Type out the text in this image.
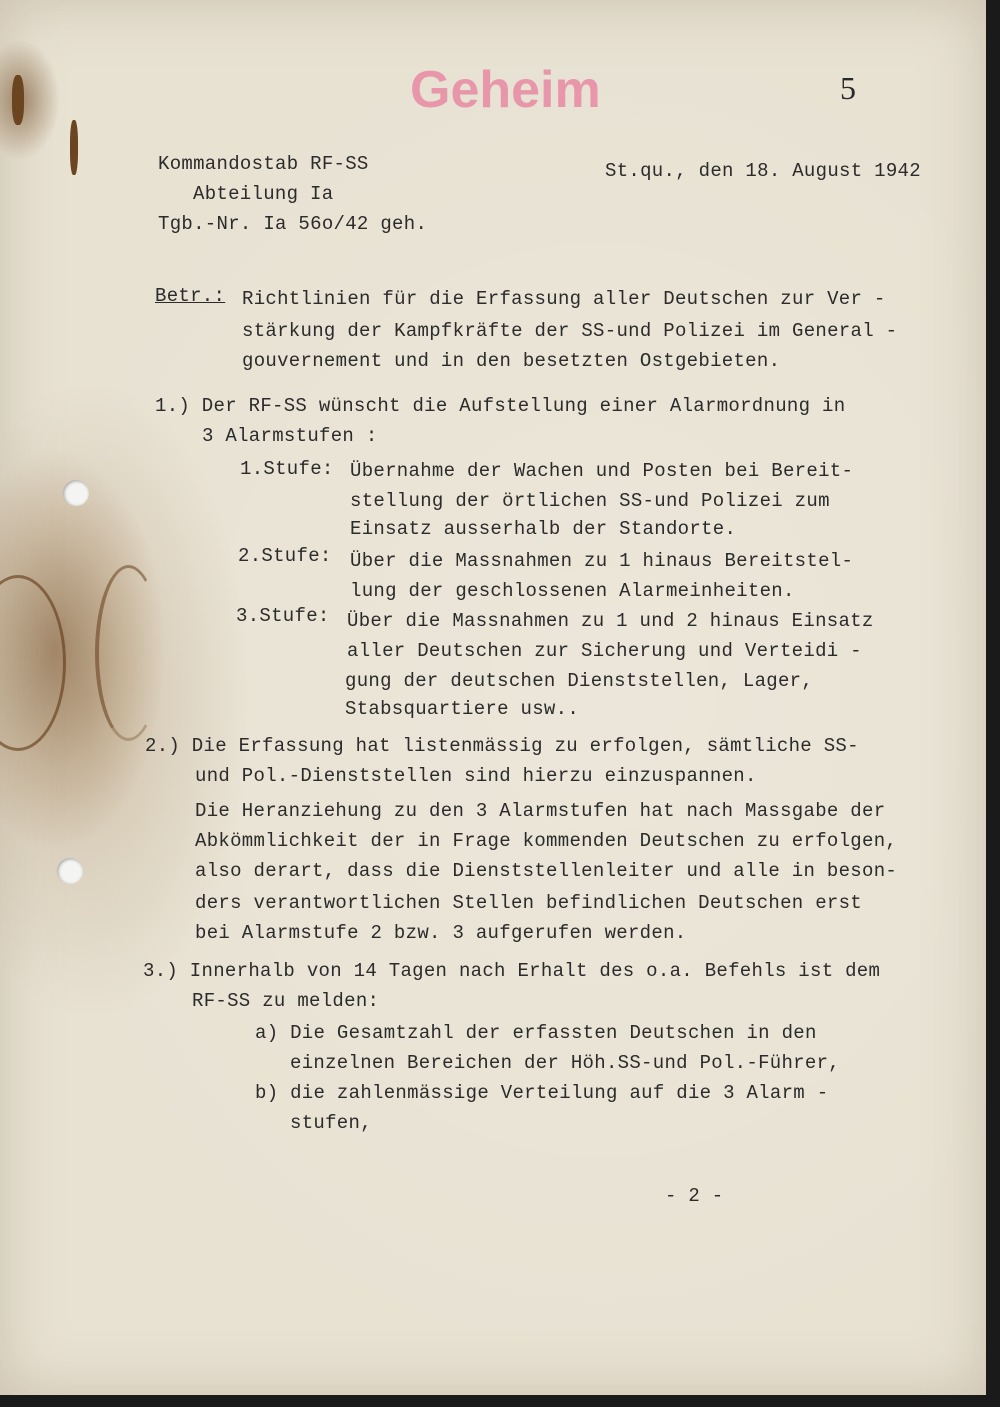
Geheim	5
Kommandostab RF-SS
Abteilung Ia
Tgb.-Nr. Ia 56o/42 geh.
St.qu., den 18. August 1942
Betr.: Richtlinien für die Erfassung aller Deutschen zur Ver -
stärkung der Kampfkräfte der SS-und Polizei im General -
gouvernement und in den besetzten Ostgebieten.
1.) Der RF-SS wünscht die Aufstellung einer Alarmordnung in
3 Alarmstufen :
1.Stufe: Übernahme der Wachen und Posten bei Bereit-
stellung der örtlichen SS-und Polizei zum
Einsatz ausserhalb der Standorte.
2.Stufe: Über die Massnahmen zu 1 hinaus Bereitstel-
lung der geschlossenen Alarmeinheiten.
3.Stufe: Über die Massnahmen zu 1 und 2 hinaus Einsatz
aller Deutschen zur Sicherung und Verteidi -
gung der deutschen Dienststellen, Lager,
Stabsquartiere usw..
2.) Die Erfassung hat listenmässig zu erfolgen, sämtliche SS-
und Pol.-Dienststellen sind hierzu einzuspannen.
Die Heranziehung zu den 3 Alarmstufen hat nach Massgabe der
Abkömmlichkeit der in Frage kommenden Deutschen zu erfolgen,
also derart, dass die Dienststellenleiter und alle in beson-
ders verantwortlichen Stellen befindlichen Deutschen erst
bei Alarmstufe 2 bzw. 3 aufgerufen werden.
3.) Innerhalb von 14 Tagen nach Erhalt des o.a. Befehls ist dem
RF-SS zu melden:
a) Die Gesamtzahl der erfassten Deutschen in den
einzelnen Bereichen der Höh.SS-und Pol.-Führer,
b) die zahlenmässige Verteilung auf die 3 Alarm -
stufen,
- 2 -
